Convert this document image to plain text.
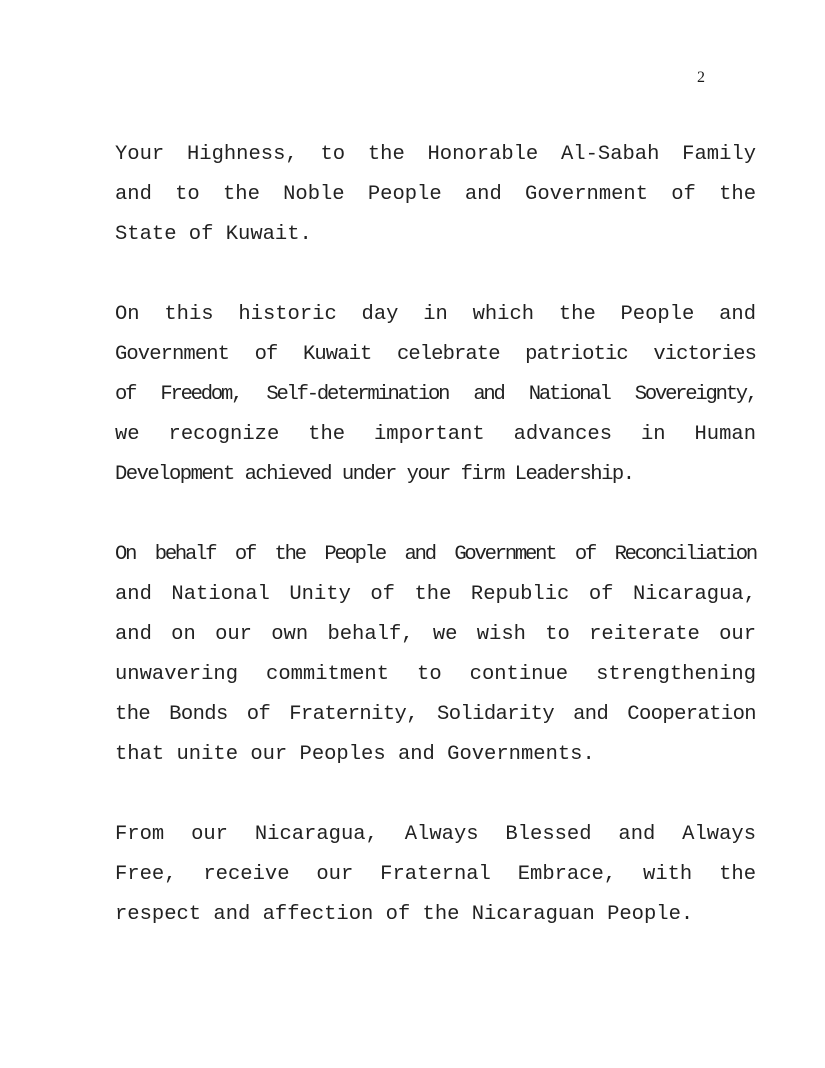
2

Your Highness, to the Honorable Al-Sabah Family
and to the Noble People and Government of the
State of Kuwait.

On this historic day in which the People and
Government of Kuwait celebrate patriotic victories
of Freedom, Self-determination and National Sovereignty,
we recognize the important advances in Human
Development achieved under your firm Leadership.

On behalf of the People and Government of Reconciliation
and National Unity of the Republic of Nicaragua,
and on our own behalf, we wish to reiterate our
unwavering commitment to continue strengthening
the Bonds of Fraternity, Solidarity and Cooperation
that unite our Peoples and Governments.

From our Nicaragua, Always Blessed and Always
Free, receive our Fraternal Embrace, with the
respect and affection of the Nicaraguan People.
